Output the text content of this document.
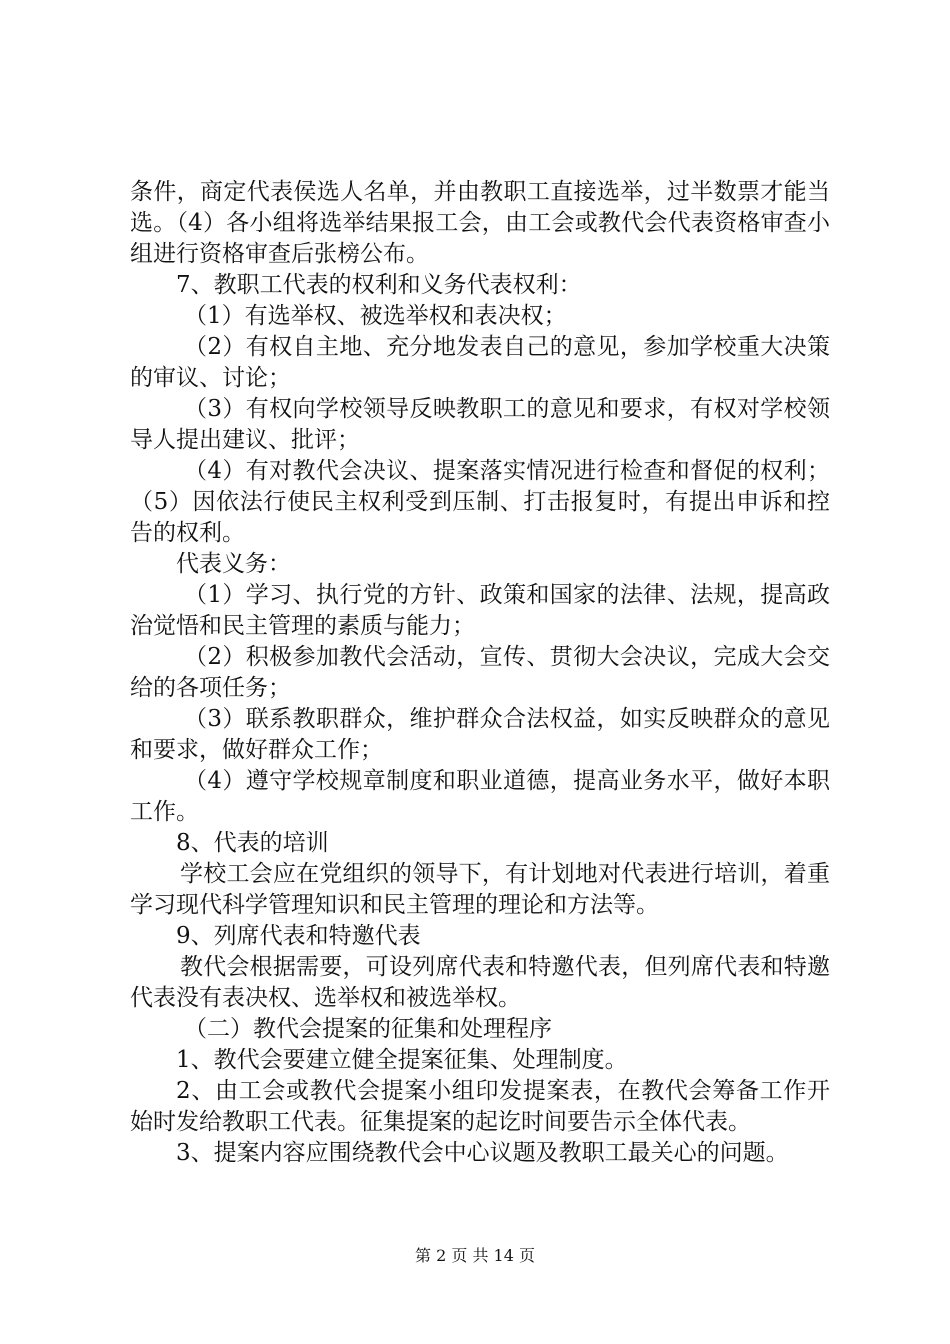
条件，商定代表侯选人名单，并由教职工直接选举，过半数票才能当选。（4）各小组将选举结果报工会，由工会或教代会代表资格审查小组进行资格审查后张榜公布。

7、教职工代表的权利和义务代表权利：

（1）有选举权、被选举权和表决权；

（2）有权自主地、充分地发表自己的意见，参加学校重大决策的审议、讨论；

（3）有权向学校领导反映教职工的意见和要求，有权对学校领导人提出建议、批评；

（4）有对教代会决议、提案落实情况进行检查和督促的权利；（5）因依法行使民主权利受到压制、打击报复时，有提出申诉和控告的权利。

代表义务：

（1）学习、执行党的方针、政策和国家的法律、法规，提高政治觉悟和民主管理的素质与能力；

（2）积极参加教代会活动，宣传、贯彻大会决议，完成大会交给的各项任务；

（3）联系教职群众，维护群众合法权益，如实反映群众的意见和要求，做好群众工作；

（4）遵守学校规章制度和职业道德，提高业务水平，做好本职工作。

8、代表的培训

学校工会应在党组织的领导下，有计划地对代表进行培训，着重学习现代科学管理知识和民主管理的理论和方法等。

9、列席代表和特邀代表

教代会根据需要，可设列席代表和特邀代表，但列席代表和特邀代表没有表决权、选举权和被选举权。

（二）教代会提案的征集和处理程序

1、教代会要建立健全提案征集、处理制度。

2、由工会或教代会提案小组印发提案表，在教代会筹备工作开始时发给教职工代表。征集提案的起讫时间要告示全体代表。

3、提案内容应围绕教代会中心议题及教职工最关心的问题。

第 2 页 共 14 页
